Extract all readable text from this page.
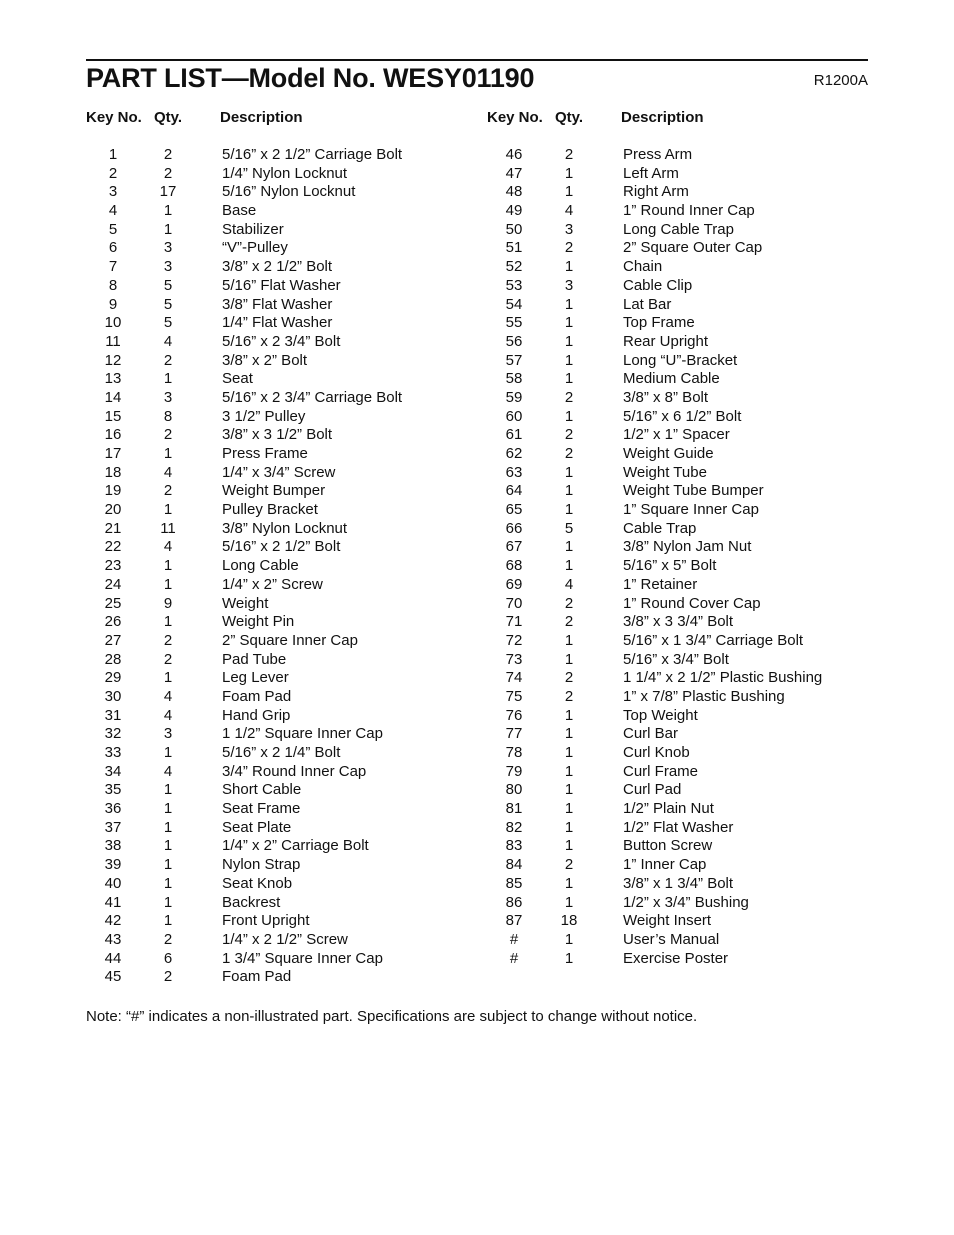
PART LIST—Model No. WESY01190	R1200A
Key No. Qty.	Description	Key No. Qty.	Description
1	2	5/16” x 2 1/2” Carriage Bolt
2	2	1/4” Nylon Locknut
3	17	5/16” Nylon Locknut
4	1	Base
5	1	Stabilizer
6	3	“V”-Pulley
7	3	3/8” x 2 1/2” Bolt
8	5	5/16” Flat Washer
9	5	3/8” Flat Washer
10	5	1/4” Flat Washer
11	4	5/16” x 2 3/4” Bolt
12	2	3/8” x 2” Bolt
13	1	Seat
14	3	5/16” x 2 3/4” Carriage Bolt
15	8	3 1/2” Pulley
16	2	3/8” x 3 1/2” Bolt
17	1	Press Frame
18	4	1/4” x 3/4” Screw
19	2	Weight Bumper
20	1	Pulley Bracket
21	11	3/8” Nylon Locknut
22	4	5/16” x 2 1/2” Bolt
23	1	Long Cable
24	1	1/4” x 2” Screw
25	9	Weight
26	1	Weight Pin
27	2	2” Square Inner Cap
28	2	Pad Tube
29	1	Leg Lever
30	4	Foam Pad
31	4	Hand Grip
32	3	1 1/2” Square Inner Cap
33	1	5/16” x 2 1/4” Bolt
34	4	3/4” Round Inner Cap
35	1	Short Cable
36	1	Seat Frame
37	1	Seat Plate
38	1	1/4” x 2” Carriage Bolt
39	1	Nylon Strap
40	1	Seat Knob
41	1	Backrest
42	1	Front Upright
43	2	1/4” x 2 1/2” Screw
44	6	1 3/4” Square Inner Cap
45	2	Foam Pad
46	2	Press Arm
47	1	Left Arm
48	1	Right Arm
49	4	1” Round Inner Cap
50	3	Long Cable Trap
51	2	2” Square Outer Cap
52	1	Chain
53	3	Cable Clip
54	1	Lat Bar
55	1	Top Frame
56	1	Rear Upright
57	1	Long “U”-Bracket
58	1	Medium Cable
59	2	3/8” x 8” Bolt
60	1	5/16” x 6 1/2” Bolt
61	2	1/2” x 1” Spacer
62	2	Weight Guide
63	1	Weight Tube
64	1	Weight Tube Bumper
65	1	1” Square Inner Cap
66	5	Cable Trap
67	1	3/8” Nylon Jam Nut
68	1	5/16” x 5” Bolt
69	4	1” Retainer
70	2	1” Round Cover Cap
71	2	3/8” x 3 3/4” Bolt
72	1	5/16” x 1 3/4” Carriage Bolt
73	1	5/16” x 3/4” Bolt
74	2	1 1/4” x 2 1/2” Plastic Bushing
75	2	1” x 7/8” Plastic Bushing
76	1	Top Weight
77	1	Curl Bar
78	1	Curl Knob
79	1	Curl Frame
80	1	Curl Pad
81	1	1/2” Plain Nut
82	1	1/2” Flat Washer
83	1	Button Screw
84	2	1” Inner Cap
85	1	3/8” x 1 3/4” Bolt
86	1	1/2” x 3/4” Bushing
87	18	Weight Insert
#	1	User’s Manual
#	1	Exercise Poster
Note: “#” indicates a non-illustrated part. Specifications are subject to change without notice.
